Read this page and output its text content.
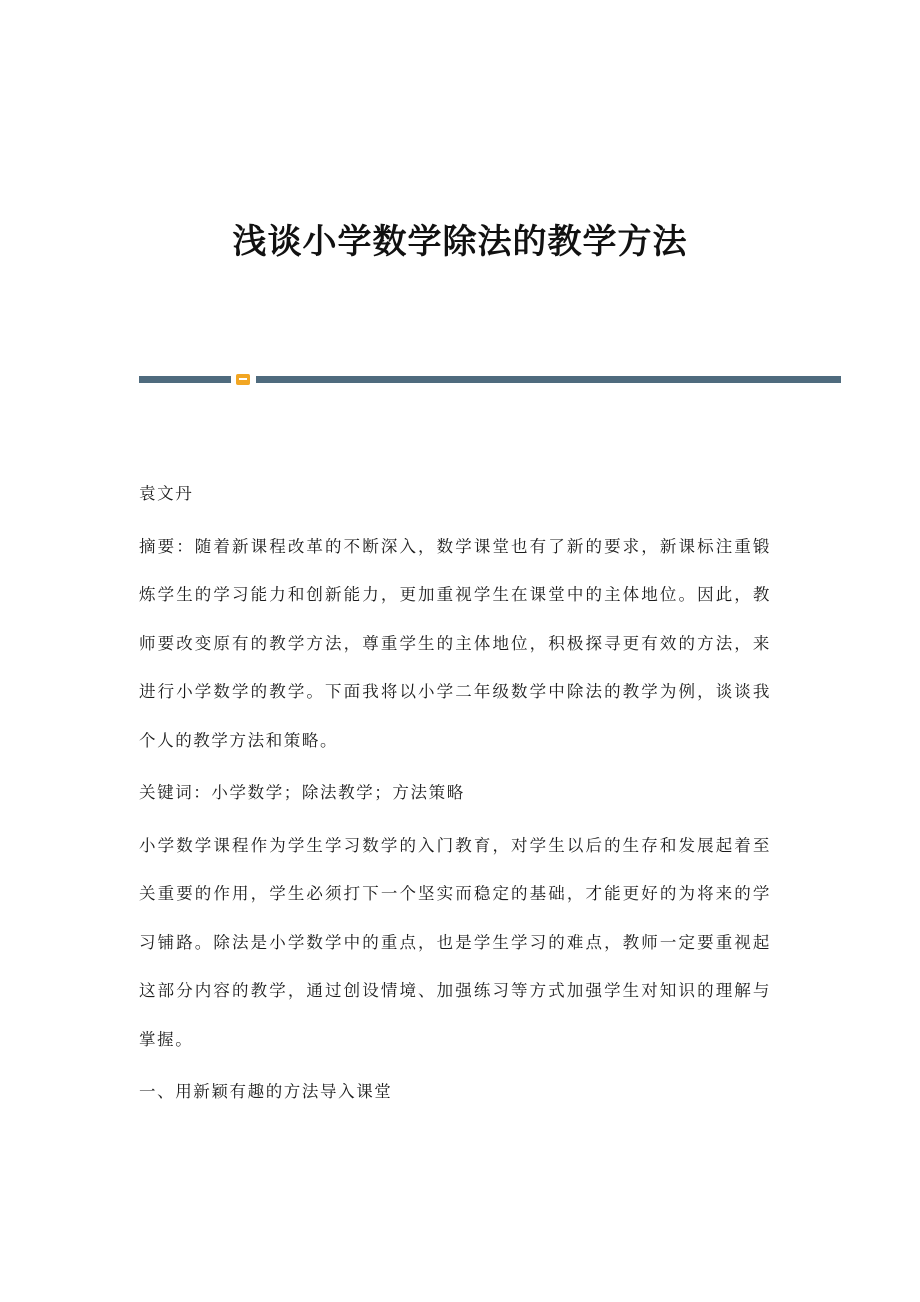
浅谈小学数学除法的教学方法

袁文丹

摘要：随着新课程改革的不断深入，数学课堂也有了新的要求，新课标注重锻炼学生的学习能力和创新能力，更加重视学生在课堂中的主体地位。因此，教师要改变原有的教学方法，尊重学生的主体地位，积极探寻更有效的方法，来进行小学数学的教学。下面我将以小学二年级数学中除法的教学为例，谈谈我个人的教学方法和策略。

关键词：小学数学；除法教学；方法策略

小学数学课程作为学生学习数学的入门教育，对学生以后的生存和发展起着至关重要的作用，学生必须打下一个坚实而稳定的基础，才能更好的为将来的学习铺路。除法是小学数学中的重点，也是学生学习的难点，教师一定要重视起这部分内容的教学，通过创设情境、加强练习等方式加强学生对知识的理解与掌握。

一、用新颖有趣的方法导入课堂
